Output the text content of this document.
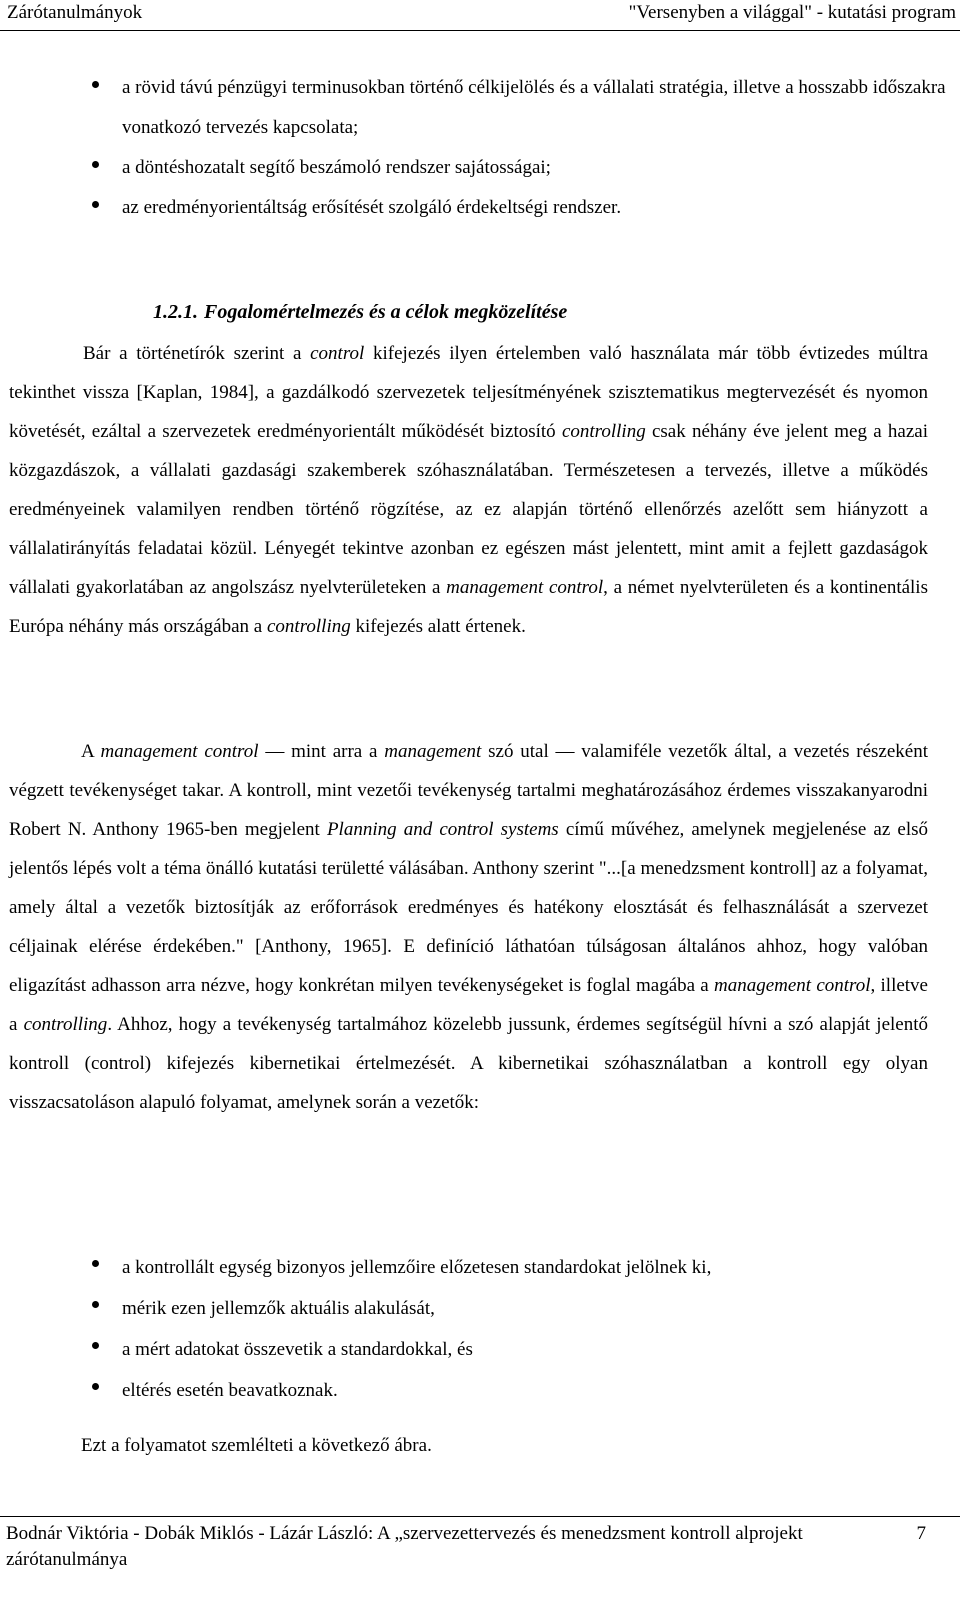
Zárótanulmányok	"Versenyben a világgal" - kutatási program
a rövid távú pénzügyi terminusokban történő célkijelölés és a vállalati stratégia, illetve a hosszabb időszakra vonatkozó tervezés kapcsolata;
a döntéshozatalt segítő beszámoló rendszer sajátosságai;
az eredményorientáltság erősítését szolgáló érdekeltségi rendszer.
1.2.1. Fogalomértelmezés és a célok megközelítése

Bár a történetírók szerint a control kifejezés ilyen értelemben való használata már több évtizedes múltra tekinthet vissza [Kaplan, 1984], a gazdálkodó szervezetek teljesítményének szisztematikus megtervezését és nyomon követését, ezáltal a szervezetek eredményorientált működését biztosító controlling csak néhány éve jelent meg a hazai közgazdászok, a vállalati gazdasági szakemberek szóhasználatában. Természetesen a tervezés, illetve a működés eredményeinek valamilyen rendben történő rögzítése, az ez alapján történő ellenőrzés azelőtt sem hiányzott a vállalatirányítás feladatai közül. Lényegét tekintve azonban ez egészen mást jelentett, mint amit a fejlett gazdaságok vállalati gyakorlatában az angolszász nyelvterületeken a management control, a német nyelvterületen és a kontinentális Európa néhány más országában a controlling kifejezés alatt értenek.

A management control — mint arra a management szó utal — valamiféle vezetők által, a vezetés részeként végzett tevékenységet takar. A kontroll, mint vezetői tevékenység tartalmi meghatározásához érdemes visszakanyarodni Robert N. Anthony 1965-ben megjelent Planning and control systems című művéhez, amelynek megjelenése az első jelentős lépés volt a téma önálló kutatási területté válásában. Anthony szerint "...[a menedzsment kontroll] az a folyamat, amely által a vezetők biztosítják az erőforrások eredményes és hatékony elosztását és felhasználását a szervezet céljainak elérése érdekében." [Anthony, 1965]. E definíció láthatóan túlságosan általános ahhoz, hogy valóban eligazítást adhasson arra nézve, hogy konkrétan milyen tevékenységeket is foglal magába a management control, illetve a controlling. Ahhoz, hogy a tevékenység tartalmához közelebb jussunk, érdemes segítségül hívni a szó alapját jelentő kontroll (control) kifejezés kibernetikai értelmezését. A kibernetikai szóhasználatban a kontroll egy olyan visszacsatoláson alapuló folyamat, amelynek során a vezetők:

a kontrollált egység bizonyos jellemzőire előzetesen standardokat jelölnek ki,
mérik ezen jellemzők aktuális alakulását,
a mért adatokat összevetik a standardokkal, és
eltérés esetén beavatkoznak.

Ezt a folyamatot szemlélteti a következő ábra.

Bodnár Viktória - Dobák Miklós - Lázár László: A „szervezettervezés és menedzsment kontroll alprojekt zárótanulmánya
7
